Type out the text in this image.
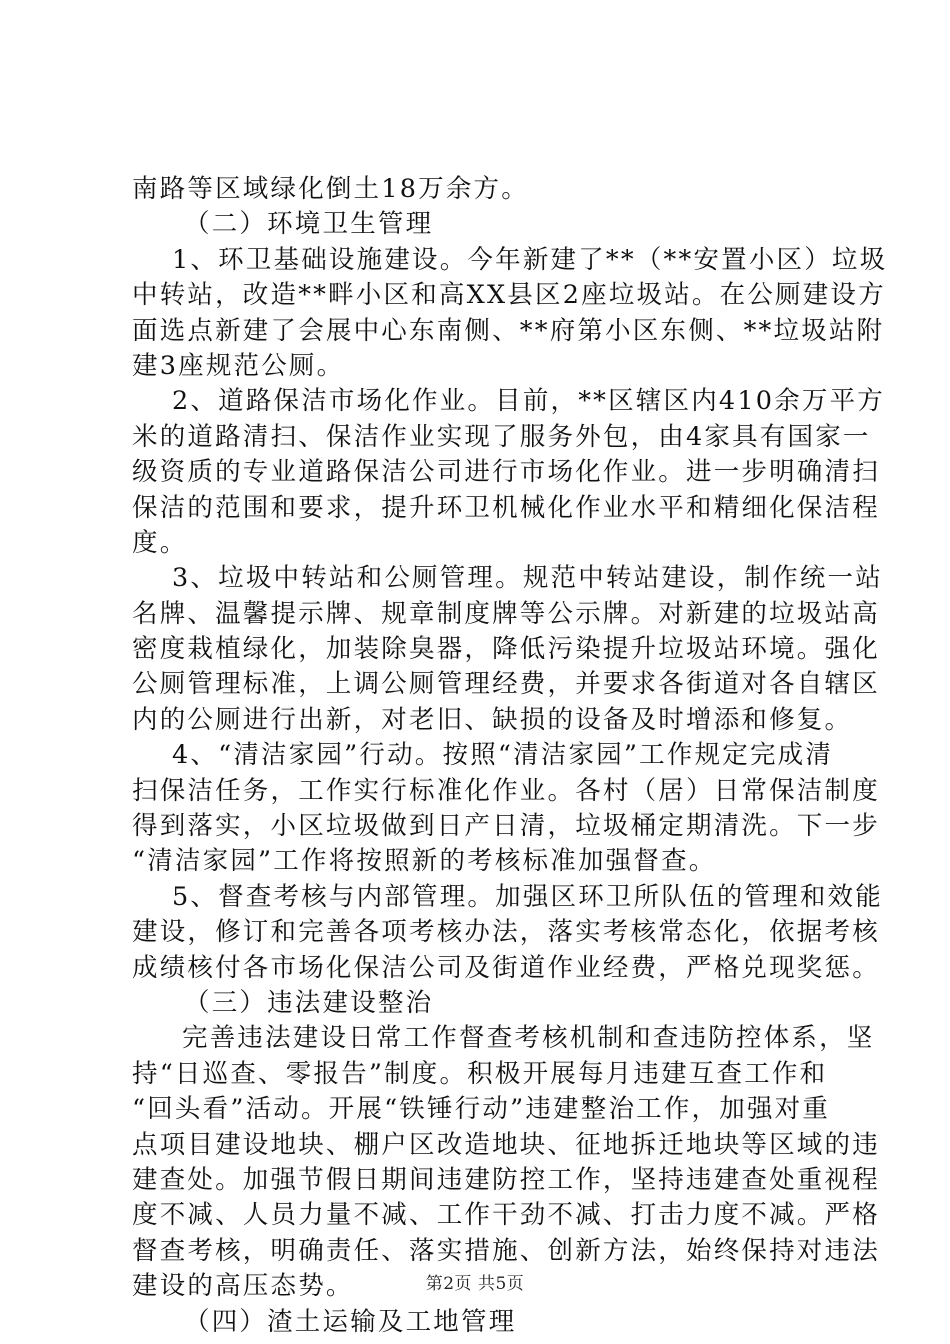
南路等区域绿化倒土18万余方。
（二）环境卫生管理
1、环卫基础设施建设。今年新建了**（**安置小区）垃圾
中转站，改造**畔小区和高XX县区2座垃圾站。在公厕建设方
面选点新建了会展中心东南侧、**府第小区东侧、**垃圾站附
建3座规范公厕。
2、道路保洁市场化作业。目前，**区辖区内410余万平方
米的道路清扫、保洁作业实现了服务外包，由4家具有国家一
级资质的专业道路保洁公司进行市场化作业。进一步明确清扫
保洁的范围和要求，提升环卫机械化作业水平和精细化保洁程
度。
3、垃圾中转站和公厕管理。规范中转站建设，制作统一站
名牌、温馨提示牌、规章制度牌等公示牌。对新建的垃圾站高
密度栽植绿化，加装除臭器，降低污染提升垃圾站环境。强化
公厕管理标准，上调公厕管理经费，并要求各街道对各自辖区
内的公厕进行出新，对老旧、缺损的设备及时增添和修复。
4、“清洁家园”行动。按照“清洁家园”工作规定完成清
扫保洁任务，工作实行标准化作业。各村（居）日常保洁制度
得到落实，小区垃圾做到日产日清，垃圾桶定期清洗。下一步
“清洁家园”工作将按照新的考核标准加强督查。
5、督查考核与内部管理。加强区环卫所队伍的管理和效能
建设，修订和完善各项考核办法，落实考核常态化，依据考核
成绩核付各市场化保洁公司及街道作业经费，严格兑现奖惩。
（三）违法建设整治
完善违法建设日常工作督查考核机制和查违防控体系，坚
持“日巡查、零报告”制度。积极开展每月违建互查工作和
“回头看”活动。开展“铁锤行动”违建整治工作，加强对重
点项目建设地块、棚户区改造地块、征地拆迁地块等区域的违
建查处。加强节假日期间违建防控工作，坚持违建查处重视程
度不减、人员力量不减、工作干劲不减、打击力度不减。严格
督查考核，明确责任、落实措施、创新方法，始终保持对违法
建设的高压态势。
（四）渣土运输及工地管理
第2页 共5页
